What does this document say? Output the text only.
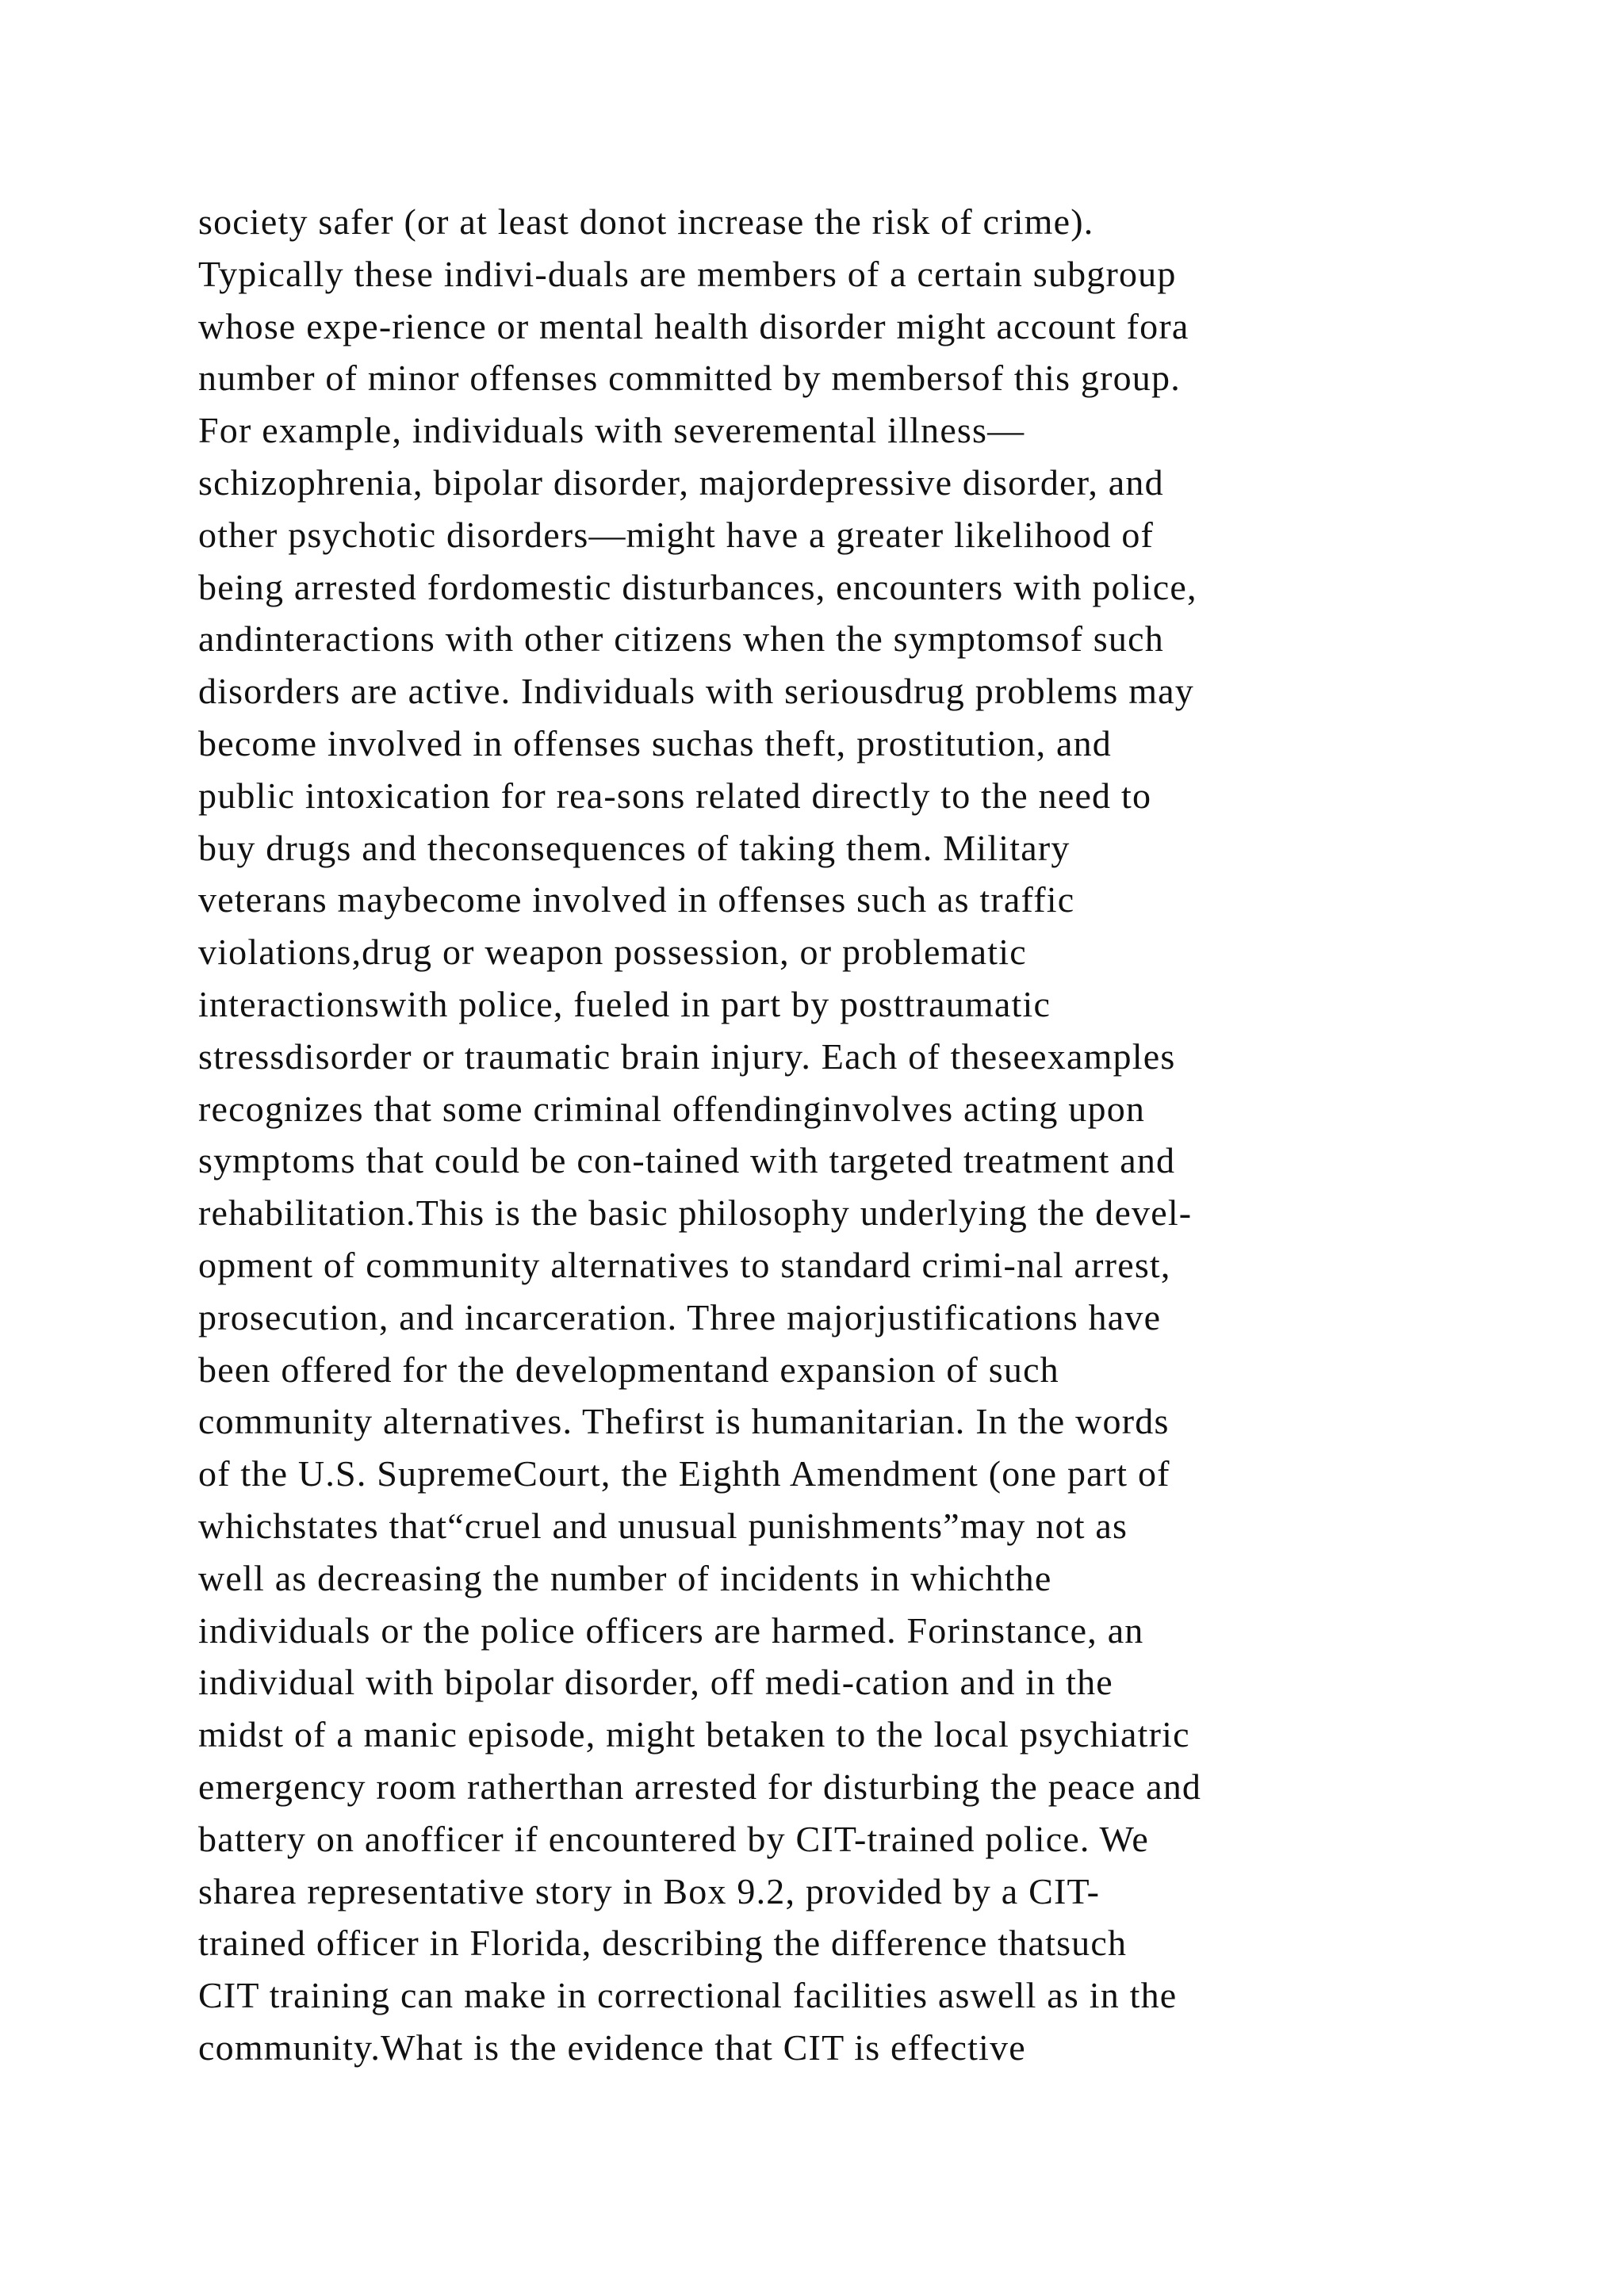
society safer (or at least donot increase the risk of crime).
Typically these indivi-duals are members of a certain subgroup
whose expe-rience or mental health disorder might account fora
number of minor offenses committed by membersof this group.
For example, individuals with severemental illness—
schizophrenia, bipolar disorder, majordepressive disorder, and
other psychotic disorders—might have a greater likelihood of
being arrested fordomestic disturbances, encounters with police,
andinteractions with other citizens when the symptomsof such
disorders are active. Individuals with seriousdrug problems may
become involved in offenses suchas theft, prostitution, and
public intoxication for rea-sons related directly to the need to
buy drugs and theconsequences of taking them. Military
veterans maybecome involved in offenses such as traffic
violations,drug or weapon possession, or problematic
interactionswith police, fueled in part by posttraumatic
stressdisorder or traumatic brain injury. Each of theseexamples
recognizes that some criminal offendinginvolves acting upon
symptoms that could be con-tained with targeted treatment and
rehabilitation.This is the basic philosophy underlying the devel-
opment of community alternatives to standard crimi-nal arrest,
prosecution, and incarceration. Three majorjustifications have
been offered for the developmentand expansion of such
community alternatives. Thefirst is humanitarian. In the words
of the U.S. SupremeCourt, the Eighth Amendment (one part of
whichstates that“cruel and unusual punishments”may not as
well as decreasing the number of incidents in whichthe
individuals or the police officers are harmed. Forinstance, an
individual with bipolar disorder, off medi-cation and in the
midst of a manic episode, might betaken to the local psychiatric
emergency room ratherthan arrested for disturbing the peace and
battery on anofficer if encountered by CIT-trained police. We
sharea representative story in Box 9.2, provided by a CIT-
trained officer in Florida, describing the difference thatsuch
CIT training can make in correctional facilities aswell as in the
community.What is the evidence that CIT is effective
